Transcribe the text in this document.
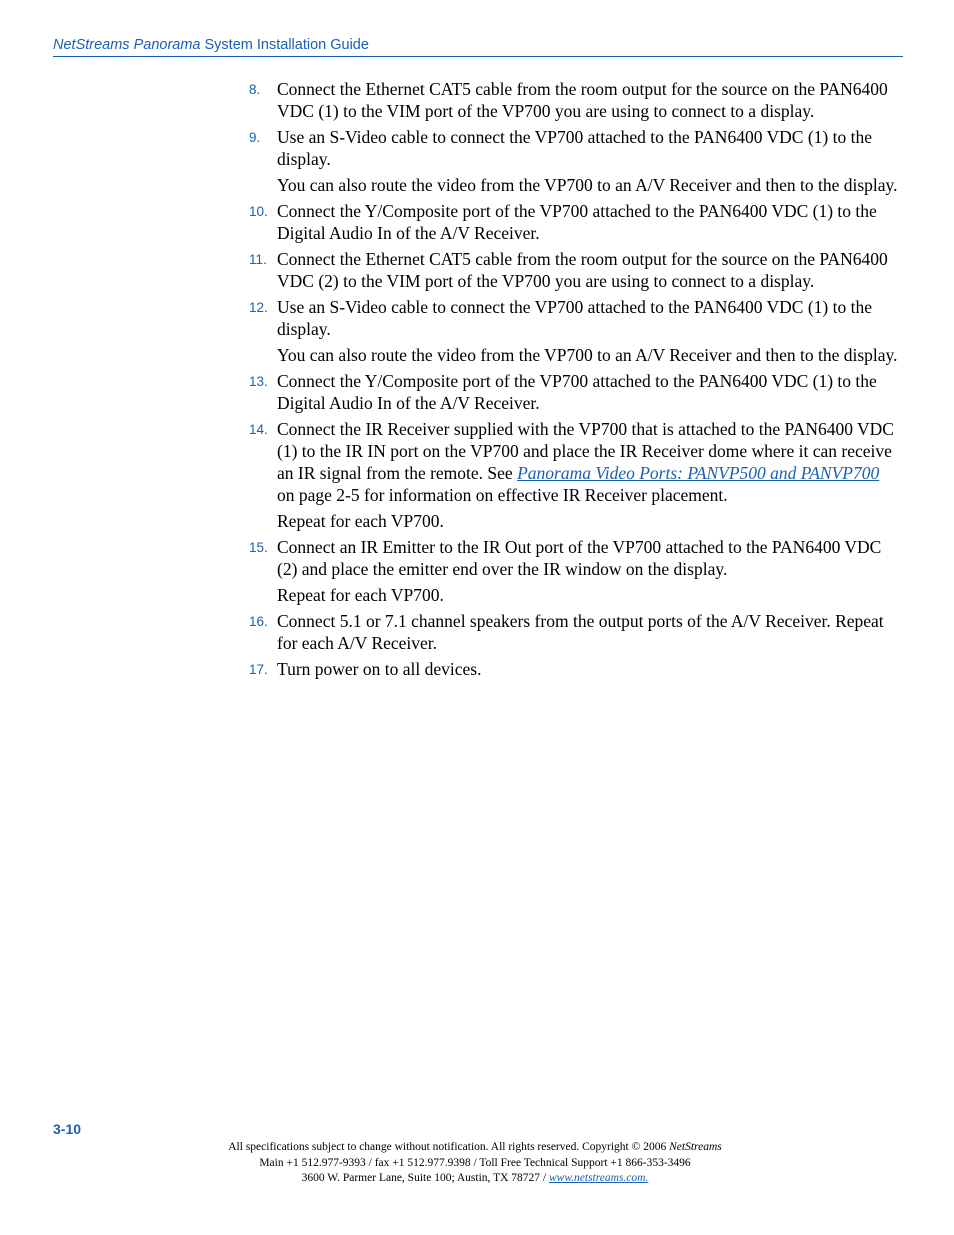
NetStreams Panorama System Installation Guide
8. Connect the Ethernet CAT5 cable from the room output for the source on the PAN6400 VDC (1) to the VIM port of the VP700 you are using to connect to a display.
9. Use an S-Video cable to connect the VP700 attached to the PAN6400 VDC (1) to the display.
You can also route the video from the VP700 to an A/V Receiver and then to the display.
10. Connect the Y/Composite port of the VP700 attached to the PAN6400 VDC (1) to the Digital Audio In of the A/V Receiver.
11. Connect the Ethernet CAT5 cable from the room output for the source on the PAN6400 VDC (2) to the VIM port of the VP700 you are using to connect to a display.
12. Use an S-Video cable to connect the VP700 attached to the PAN6400 VDC (1) to the display.
You can also route the video from the VP700 to an A/V Receiver and then to the display.
13. Connect the Y/Composite port of the VP700 attached to the PAN6400 VDC (1) to the Digital Audio In of the A/V Receiver.
14. Connect the IR Receiver supplied with the VP700 that is attached to the PAN6400 VDC (1) to the IR IN port on the VP700 and place the IR Receiver dome where it can receive an IR signal from the remote. See Panorama Video Ports: PANVP500 and PANVP700 on page 2-5 for information on effective IR Receiver placement.
Repeat for each VP700.
15. Connect an IR Emitter to the IR Out port of the VP700 attached to the PAN6400 VDC (2) and place the emitter end over the IR window on the display.
Repeat for each VP700.
16. Connect 5.1 or 7.1 channel speakers from the output ports of the A/V Receiver. Repeat for each A/V Receiver.
17. Turn power on to all devices.
3-10
All specifications subject to change without notification. All rights reserved. Copyright © 2006 NetStreams
Main +1 512.977-9393 / fax +1 512.977.9398 / Toll Free Technical Support +1 866-353-3496
3600 W. Parmer Lane, Suite 100; Austin, TX 78727 / www.netstreams.com.
